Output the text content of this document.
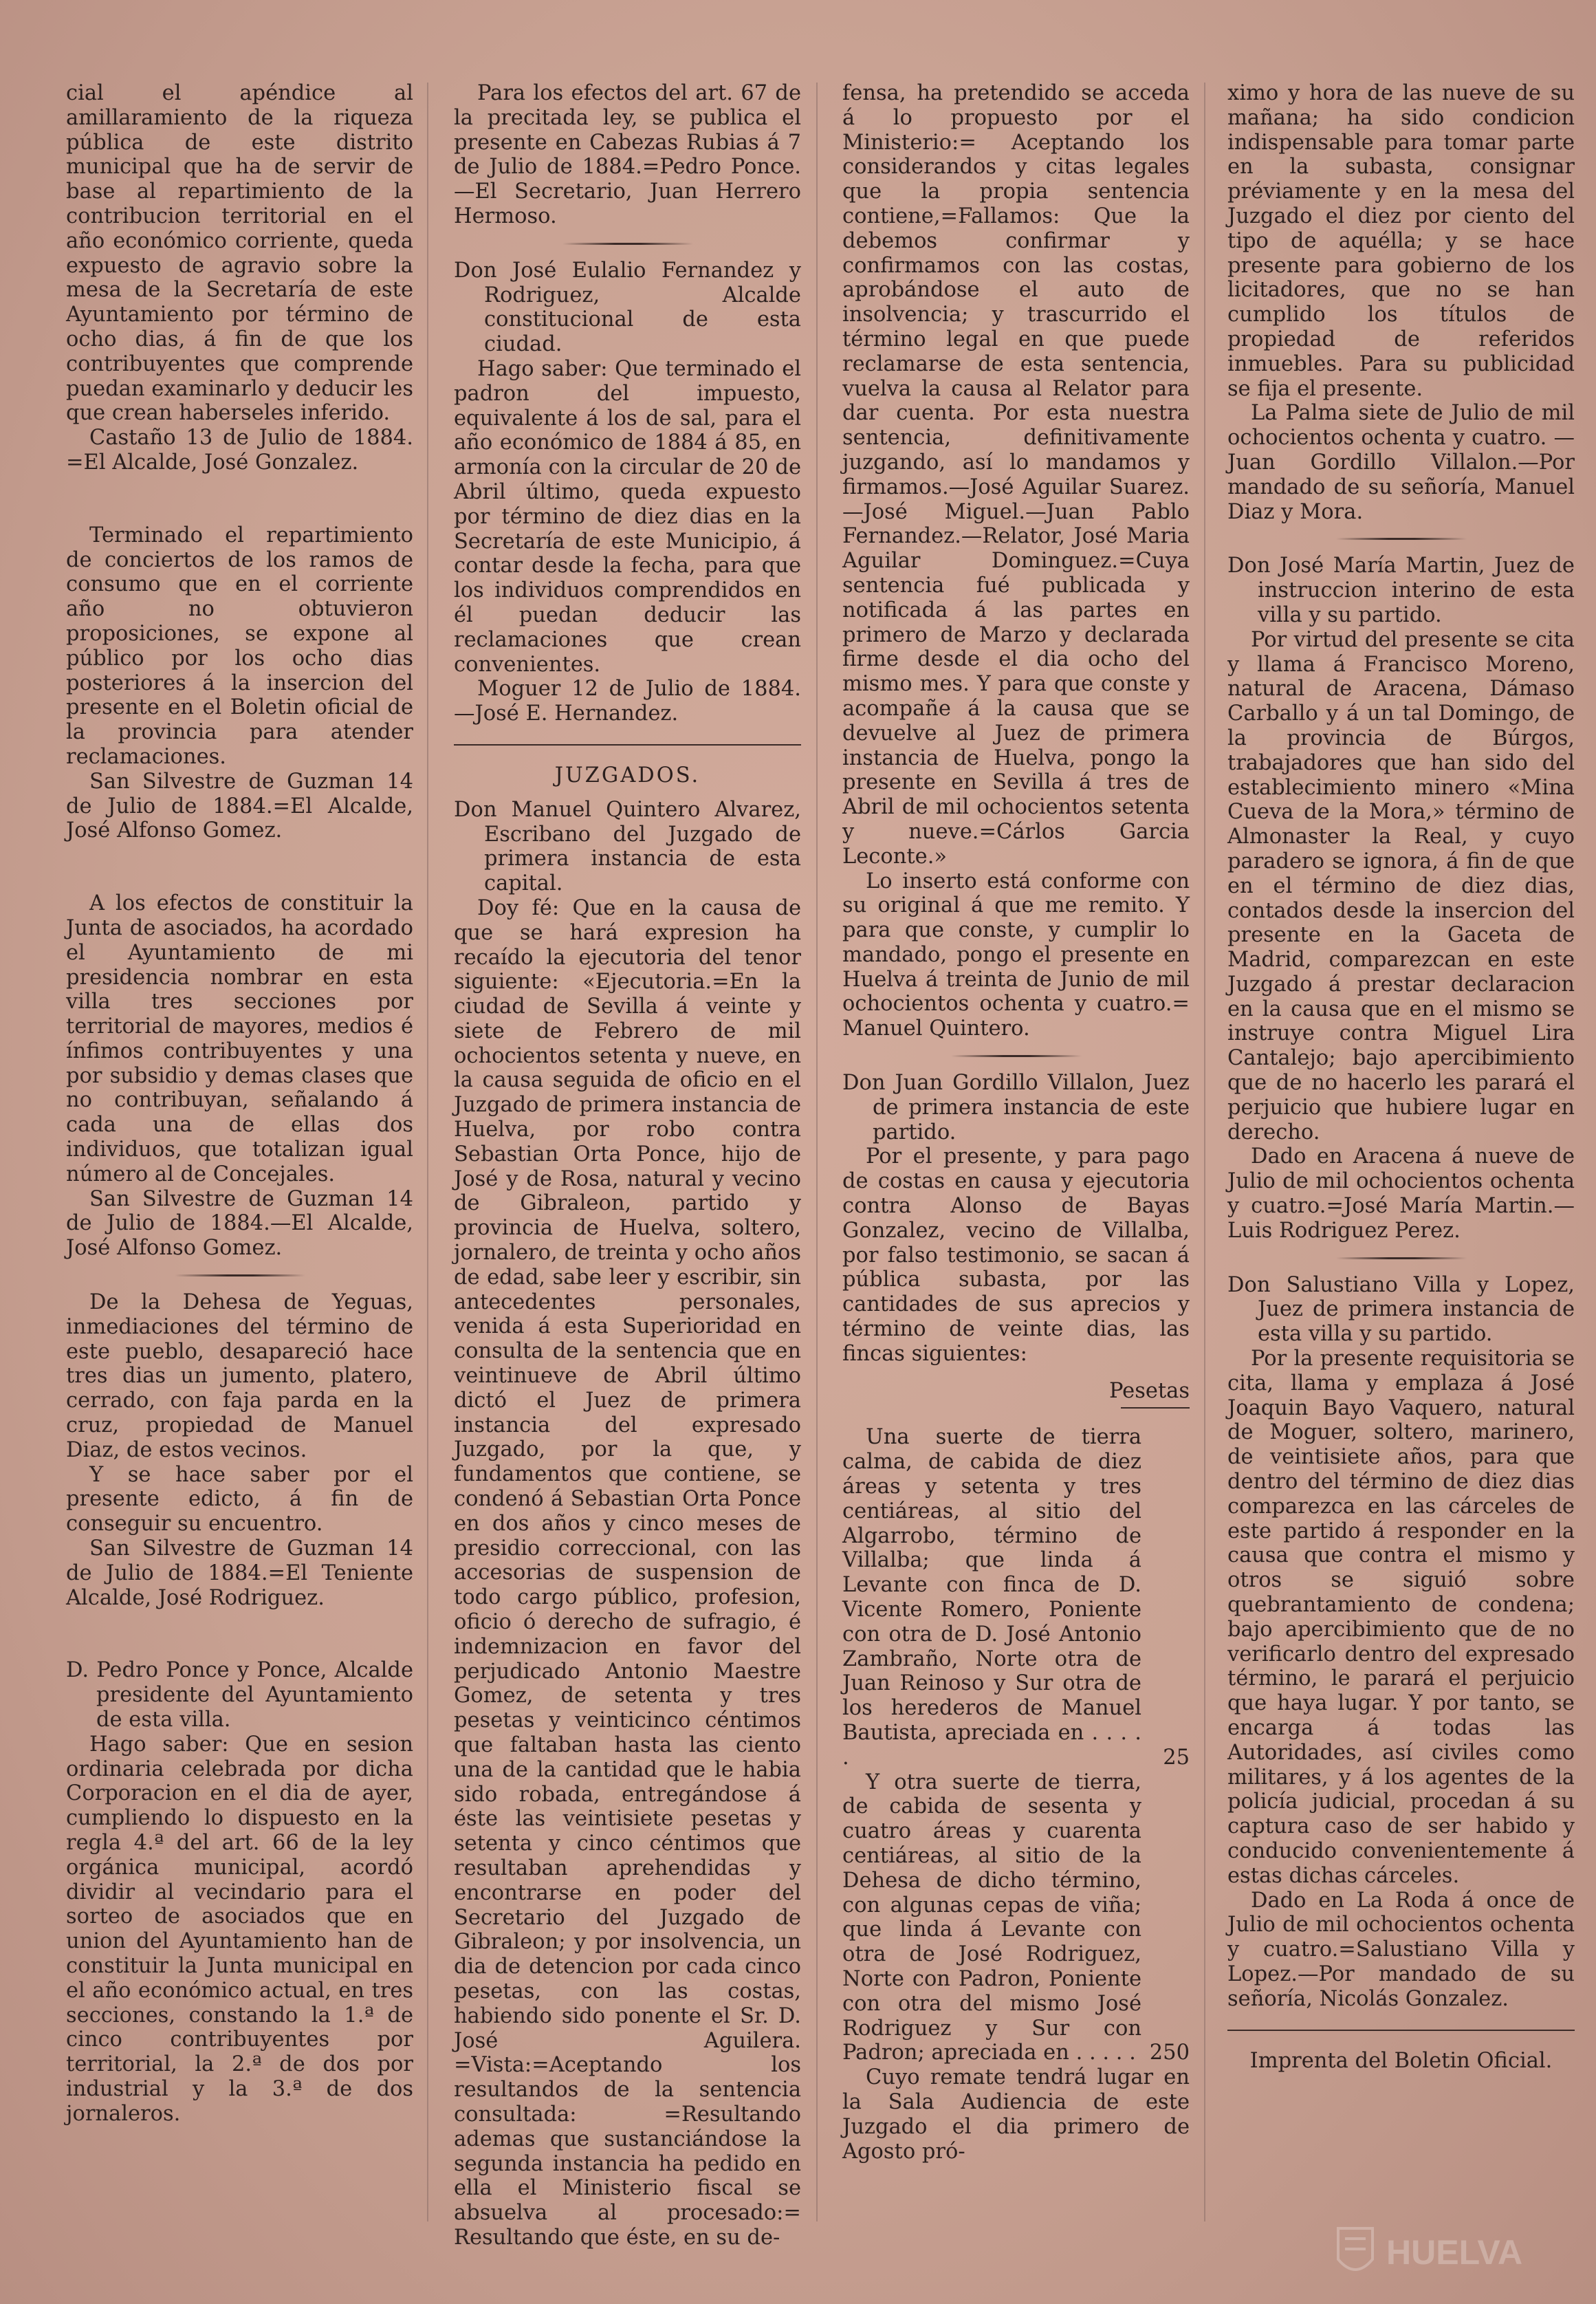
cial el apéndice al amillaramiento de la riqueza pública de este distrito municipal que ha de servir de base al repartimiento de la contribucion territorial en el año económico corriente, queda expuesto de agravio sobre la mesa de la Secretaría de este Ayuntamiento por término de ocho dias, á fin de que los contribuyentes que comprende puedan examinarlo y deducir les que crean haberseles inferido.

Castaño 13 de Julio de 1884. =El Alcalde, José Gonzalez.

Terminado el repartimiento de conciertos de los ramos de consumo que en el corriente año no obtuvieron proposiciones, se expone al público por los ocho dias posteriores á la insercion del presente en el Boletin oficial de la provincia para atender reclamaciones.

San Silvestre de Guzman 14 de Julio de 1884.=El Alcalde, José Alfonso Gomez.

A los efectos de constituir la Junta de asociados, ha acordado el Ayuntamiento de mi presidencia nombrar en esta villa tres secciones por territorial de mayores, medios é ínfimos contribuyentes y una por subsidio y demas clases que no contribuyan, señalando á cada una de ellas dos individuos, que totalizan igual número al de Concejales.

San Silvestre de Guzman 14 de Julio de 1884.—El Alcalde, José Alfonso Gomez.

De la Dehesa de Yeguas, inmediaciones del término de este pueblo, desapareció hace tres dias un jumento, platero, cerrado, con faja parda en la cruz, propiedad de Manuel Diaz, de estos vecinos.

Y se hace saber por el presente edicto, á fin de conseguir su encuentro.

San Silvestre de Guzman 14 de Julio de 1884.=El Teniente Alcalde, José Rodriguez.

D. Pedro Ponce y Ponce, Alcalde presidente del Ayuntamiento de esta villa.

Hago saber: Que en sesion ordinaria celebrada por dicha Corporacion en el dia de ayer, cumpliendo lo dispuesto en la regla 4.ª del art. 66 de la ley orgánica municipal, acordó dividir al vecindario para el sorteo de asociados que en union del Ayuntamiento han de constituir la Junta municipal en el año económico actual, en tres secciones, constando la 1.ª de cinco contribuyentes por territorial, la 2.ª de dos por industrial y la 3.ª de dos jornaleros.

Para los efectos del art. 67 de la precitada ley, se publica el presente en Cabezas Rubias á 7 de Julio de 1884.=Pedro Ponce. —El Secretario, Juan Herrero Hermoso.

Don José Eulalio Fernandez y Rodriguez, Alcalde constitucional de esta ciudad.

Hago saber: Que terminado el padron del impuesto, equivalente á los de sal, para el año económico de 1884 á 85, en armonía con la circular de 20 de Abril último, queda expuesto por término de diez dias en la Secretaría de este Municipio, á contar desde la fecha, para que los individuos comprendidos en él puedan deducir las reclamaciones que crean convenientes.

Moguer 12 de Julio de 1884. —José E. Hernandez.

JUZGADOS.

Don Manuel Quintero Alvarez, Escribano del Juzgado de primera instancia de esta capital.

Doy fé: Que en la causa de que se hará expresion ha recaído la ejecutoria del tenor siguiente: «Ejecutoria.=En la ciudad de Sevilla á veinte y siete de Febrero de mil ochocientos setenta y nueve, en la causa seguida de oficio en el Juzgado de primera instancia de Huelva, por robo contra Sebastian Orta Ponce, hijo de José y de Rosa, natural y vecino de Gibraleon, partido y provincia de Huelva, soltero, jornalero, de treinta y ocho años de edad, sabe leer y escribir, sin antecedentes personales, venida á esta Superioridad en consulta de la sentencia que en veintinueve de Abril último dictó el Juez de primera instancia del expresado Juzgado, por la que, y fundamentos que contiene, se condenó á Sebastian Orta Ponce en dos años y cinco meses de presidio correccional, con las accesorias de suspension de todo cargo público, profesion, oficio ó derecho de sufragio, é indemnizacion en favor del perjudicado Antonio Maestre Gomez, de setenta y tres pesetas y veinticinco céntimos que faltaban hasta las ciento una de la cantidad que le habia sido robada, entregándose á éste las veintisiete pesetas y setenta y cinco céntimos que resultaban aprehendidas y encontrarse en poder del Secretario del Juzgado de Gibraleon; y por insolvencia, un dia de detencion por cada cinco pesetas, con las costas, habiendo sido ponente el Sr. D. José Aguilera. =Vista:=Aceptando los resultandos de la sentencia consultada: =Resultando ademas que sustanciándose la segunda instancia ha pedido en ella el Ministerio fiscal se absuelva al procesado:= Resultando que éste, en su de-

fensa, ha pretendido se acceda á lo propuesto por el Ministerio:= Aceptando los considerandos y citas legales que la propia sentencia contiene,=Fallamos: Que la debemos confirmar y confirmamos con las costas, aprobándose el auto de insolvencia; y trascurrido el término legal en que puede reclamarse de esta sentencia, vuelva la causa al Relator para dar cuenta. Por esta nuestra sentencia, definitivamente juzgando, así lo mandamos y firmamos.—José Aguilar Suarez. —José Miguel.—Juan Pablo Fernandez.—Relator, José Maria Aguilar Dominguez.=Cuya sentencia fué publicada y notificada á las partes en primero de Marzo y declarada firme desde el dia ocho del mismo mes. Y para que conste y acompañe á la causa que se devuelve al Juez de primera instancia de Huelva, pongo la presente en Sevilla á tres de Abril de mil ochocientos setenta y nueve.=Cárlos Garcia Leconte.»

Lo inserto está conforme con su original á que me remito. Y para que conste, y cumplir lo mandado, pongo el presente en Huelva á treinta de Junio de mil ochocientos ochenta y cuatro.= Manuel Quintero.

Don Juan Gordillo Villalon, Juez de primera instancia de este partido.

Por el presente, y para pago de costas en causa y ejecutoria contra Alonso de Bayas Gonzalez, vecino de Villalba, por falso testimonio, se sacan á pública subasta, por las cantidades de sus aprecios y término de veinte dias, las fincas siguientes:

Pesetas

Una suerte de tierra calma, de cabida de diez áreas y setenta y tres centiáreas, al sitio del Algarrobo, término de Villalba; que linda á Levante con finca de D. Vicente Romero, Poniente con otra de D. José Antonio Zambraño, Norte otra de Juan Reinoso y Sur otra de los herederos de Manuel Bautista, apreciada en . . . . .	25
Y otra suerte de tierra, de cabida de sesenta y cuatro áreas y cuarenta centiáreas, al sitio de la Dehesa de dicho término, con algunas cepas de viña; que linda á Levante con otra de José Rodriguez, Norte con Padron, Poniente con otra del mismo José Rodriguez y Sur con Padron; apreciada en . . . . . 250

Cuyo remate tendrá lugar en la Sala Audiencia de este Juzgado el dia primero de Agosto pró-

ximo y hora de las nueve de su mañana; ha sido condicion indispensable para tomar parte en la subasta, consignar préviamente y en la mesa del Juzgado el diez por ciento del tipo de aquélla; y se hace presente para gobierno de los licitadores, que no se han cumplido los títulos de propiedad de referidos inmuebles. Para su publicidad se fija el presente.

La Palma siete de Julio de mil ochocientos ochenta y cuatro. —Juan Gordillo Villalon.—Por mandado de su señoría, Manuel Diaz y Mora.

Don José María Martin, Juez de instruccion interino de esta villa y su partido.

Por virtud del presente se cita y llama á Francisco Moreno, natural de Aracena, Dámaso Carballo y á un tal Domingo, de la provincia de Búrgos, trabajadores que han sido del establecimiento minero «Mina Cueva de la Mora,» término de Almonaster la Real, y cuyo paradero se ignora, á fin de que en el término de diez dias, contados desde la insercion del presente en la Gaceta de Madrid, comparezcan en este Juzgado á prestar declaracion en la causa que en el mismo se instruye contra Miguel Lira Cantalejo; bajo apercibimiento que de no hacerlo les parará el perjuicio que hubiere lugar en derecho.

Dado en Aracena á nueve de Julio de mil ochocientos ochenta y cuatro.=José María Martin.— Luis Rodriguez Perez.

Don Salustiano Villa y Lopez, Juez de primera instancia de esta villa y su partido.

Por la presente requisitoria se cita, llama y emplaza á José Joaquin Bayo Vaquero, natural de Moguer, soltero, marinero, de veintisiete años, para que dentro del término de diez dias comparezca en las cárceles de este partido á responder en la causa que contra el mismo y otros se siguió sobre quebrantamiento de condena; bajo apercibimiento que de no verificarlo dentro del expresado término, le parará el perjuicio que haya lugar. Y por tanto, se encarga á todas las Autoridades, así civiles como militares, y á los agentes de la policía judicial, procedan á su captura caso de ser habido y conducido convenientemente á estas dichas cárceles.

Dado en La Roda á once de Julio de mil ochocientos ochenta y cuatro.=Salustiano Villa y Lopez.—Por mandado de su señoría, Nicolás Gonzalez.

Imprenta del Boletin Oficial.

HUELVA
